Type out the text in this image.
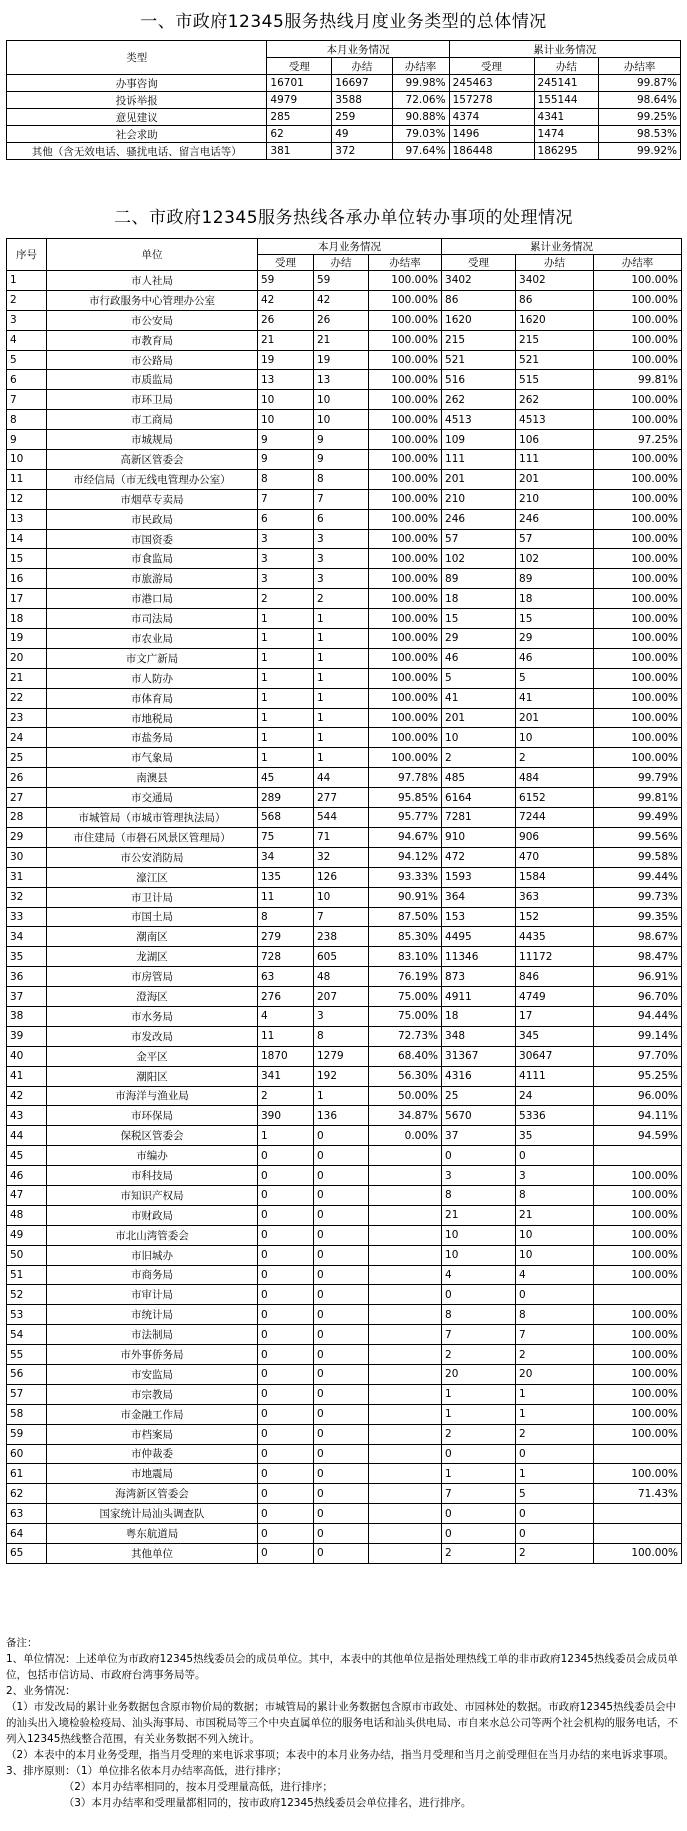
一、市政府12345服务热线月度业务类型的总体情况
类型	本月业务情况			累计业务情况		
	受理	办结	办结率	受理	办结	办结率
办事咨询	16701	16697	99.98%	245463	245141	99.87%
投诉举报	4979	3588	72.06%	157278	155144	98.64%
意见建议	285	259	90.88%	4374	4341	99.25%
社会求助	62	49	79.03%	1496	1474	98.53%
其他（含无效电话、骚扰电话、留言电话等）	381	372	97.64%	186448	186295	99.92%
二、市政府12345服务热线各承办单位转办事项的处理情况
序号	单位	本月业务情况			累计业务情况		
		受理	办结	办结率	受理	办结	办结率
1	市人社局	59	59	100.00%	3402	3402	100.00%
2	市行政服务中心管理办公室	42	42	100.00%	86	86	100.00%
3	市公安局	26	26	100.00%	1620	1620	100.00%
4	市教育局	21	21	100.00%	215	215	100.00%
5	市公路局	19	19	100.00%	521	521	100.00%
6	市质监局	13	13	100.00%	516	515	99.81%
7	市环卫局	10	10	100.00%	262	262	100.00%
8	市工商局	10	10	100.00%	4513	4513	100.00%
9	市城规局	9	9	100.00%	109	106	97.25%
10	高新区管委会	9	9	100.00%	111	111	100.00%
11	市经信局（市无线电管理办公室）	8	8	100.00%	201	201	100.00%
12	市烟草专卖局	7	7	100.00%	210	210	100.00%
13	市民政局	6	6	100.00%	246	246	100.00%
14	市国资委	3	3	100.00%	57	57	100.00%
15	市食监局	3	3	100.00%	102	102	100.00%
16	市旅游局	3	3	100.00%	89	89	100.00%
17	市港口局	2	2	100.00%	18	18	100.00%
18	市司法局	1	1	100.00%	15	15	100.00%
19	市农业局	1	1	100.00%	29	29	100.00%
20	市文广新局	1	1	100.00%	46	46	100.00%
21	市人防办	1	1	100.00%	5	5	100.00%
22	市体育局	1	1	100.00%	41	41	100.00%
23	市地税局	1	1	100.00%	201	201	100.00%
24	市盐务局	1	1	100.00%	10	10	100.00%
25	市气象局	1	1	100.00%	2	2	100.00%
26	南澳县	45	44	97.78%	485	484	99.79%
27	市交通局	289	277	95.85%	6164	6152	99.81%
28	市城管局（市城市管理执法局）	568	544	95.77%	7281	7244	99.49%
29	市住建局（市礐石风景区管理局）	75	71	94.67%	910	906	99.56%
30	市公安消防局	34	32	94.12%	472	470	99.58%
31	濠江区	135	126	93.33%	1593	1584	99.44%
32	市卫计局	11	10	90.91%	364	363	99.73%
33	市国土局	8	7	87.50%	153	152	99.35%
34	潮南区	279	238	85.30%	4495	4435	98.67%
35	龙湖区	728	605	83.10%	11346	11172	98.47%
36	市房管局	63	48	76.19%	873	846	96.91%
37	澄海区	276	207	75.00%	4911	4749	96.70%
38	市水务局	4	3	75.00%	18	17	94.44%
39	市发改局	11	8	72.73%	348	345	99.14%
40	金平区	1870	1279	68.40%	31367	30647	97.70%
41	潮阳区	341	192	56.30%	4316	4111	95.25%
42	市海洋与渔业局	2	1	50.00%	25	24	96.00%
43	市环保局	390	136	34.87%	5670	5336	94.11%
44	保税区管委会	1	0	0.00%	37	35	94.59%
45	市编办	0	0		0	0	
46	市科技局	0	0		3	3	100.00%
47	市知识产权局	0	0		8	8	100.00%
48	市财政局	0	0		21	21	100.00%
49	市北山湾管委会	0	0		10	10	100.00%
50	市旧城办	0	0		10	10	100.00%
51	市商务局	0	0		4	4	100.00%
52	市审计局	0	0		0	0	
53	市统计局	0	0		8	8	100.00%
54	市法制局	0	0		7	7	100.00%
55	市外事侨务局	0	0		2	2	100.00%
56	市安监局	0	0		20	20	100.00%
57	市宗教局	0	0		1	1	100.00%
58	市金融工作局	0	0		1	1	100.00%
59	市档案局	0	0		2	2	100.00%
60	市仲裁委	0	0		0	0	
61	市地震局	0	0		1	1	100.00%
62	海湾新区管委会	0	0		7	5	71.43%
63	国家统计局汕头调查队	0	0		0	0	
64	粤东航道局	0	0		0	0	
65	其他单位	0	0		2	2	100.00%
备注：
1、单位情况：上述单位为市政府12345热线委员会的成员单位。其中，本表中的其他单位是指处理热线工单的非市政府12345热线委员会成员单位，包括市信访局、市政府台湾事务局等。
2、业务情况：
（1）市发改局的累计业务数据包含原市物价局的数据；市城管局的累计业务数据包含原市市政处、市园林处的数据。市政府12345热线委员会中的汕头出入境检验检疫局、汕头海事局、市国税局等三个中央直属单位的服务电话和汕头供电局、市自来水总公司等两个社会机构的服务电话，不列入12345热线整合范围，有关业务数据不列入统计。
（2）本表中的本月业务受理，指当月受理的来电诉求事项；本表中的本月业务办结，指当月受理和当月之前受理但在当月办结的来电诉求事项。
3、排序原则：（1）单位排名依本月办结率高低，进行排序；
　　　　　　（2）本月办结率相同的，按本月受理量高低，进行排序；
　　　　　　（3）本月办结率和受理量都相同的，按市政府12345热线委员会单位排名，进行排序。
